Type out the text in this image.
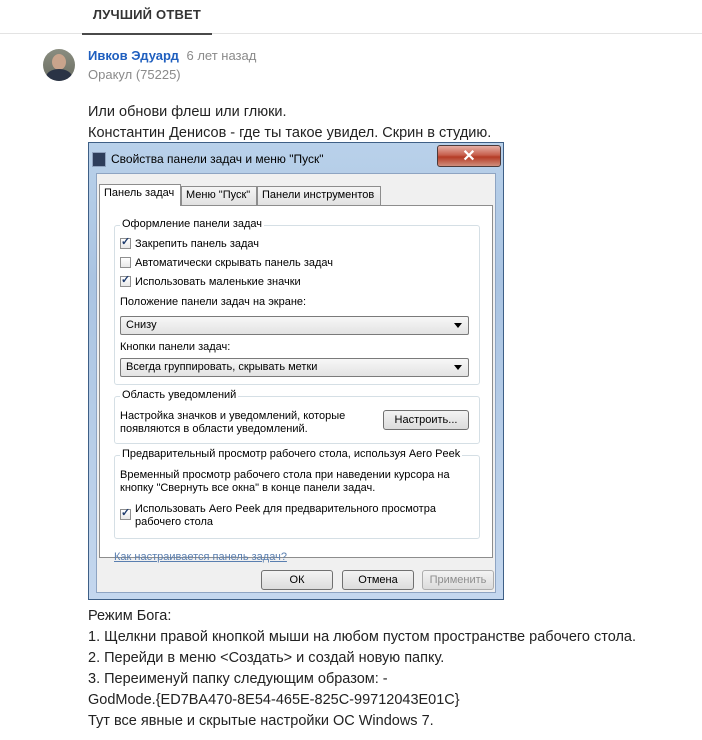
ЛУЧШИЙ ОТВЕТ
Ивков Эдуард 6 лет назад
Оракул (75225)
Или обнови флеш или глюки.
Константин Денисов - где ты такое увидел. Скрин в студию.
Свойства панели задач и меню "Пуск"	✕
Панель задач	Меню "Пуск"	Панели инструментов
Оформление панели задач
✓Закрепить панель задач
Автоматически скрывать панель задач
✓Использовать маленькие значки
Положение панели задач на экране:
Снизу
Кнопки панели задач:
Всегда группировать, скрывать метки
Область уведомлений
Настройка значков и уведомлений, которые
появляются в области уведомлений.
Настроить...
Предварительный просмотр рабочего стола, используя Aero Peek
Временный просмотр рабочего стола при наведении курсора на
кнопку "Свернуть все окна" в конце панели задач.
✓Использовать Aero Peek для предварительного просмотра
рабочего стола
Как настраивается панель задач?
ОК	Отмена	Применить
Режим Бога:
1. Щелкни правой кнопкой мыши на любом пустом пространстве рабочего стола.
2. Перейди в меню <Создать> и создай новую папку.
3. Переименуй папку следующим образом: -
GodMode.{ED7BA470-8E54-465E-825C-99712043E01C}
Тут все явные и скрытые настройки ОС Windows 7.
